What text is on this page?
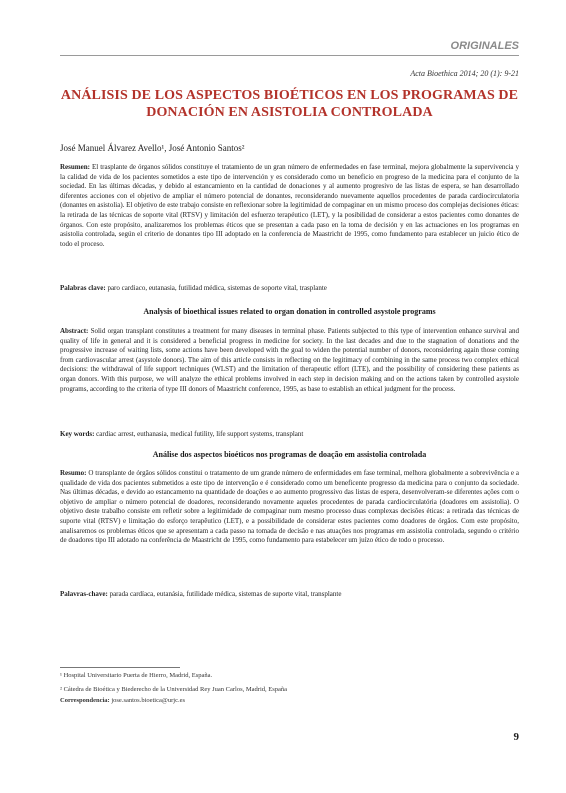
ORIGINALES
Acta Bioethica 2014; 20 (1): 9-21
ANÁLISIS DE LOS ASPECTOS BIOÉTICOS EN LOS PROGRAMAS DE DONACIÓN EN ASISTOLIA CONTROLADA
José Manuel Álvarez Avello¹, José Antonio Santos²
Resumen: El trasplante de órganos sólidos constituye el tratamiento de un gran número de enfermedades en fase terminal, mejora globalmente la supervivencia y la calidad de vida de los pacientes sometidos a este tipo de intervención y es considerado como un beneficio en progreso de la medicina para el conjunto de la sociedad. En las últimas décadas, y debido al estancamiento en la cantidad de donaciones y al aumento progresivo de las listas de espera, se han desarrollado diferentes acciones con el objetivo de ampliar el número potencial de donantes, reconsiderando nuevamente aquellos procedentes de parada cardiocirculatoria (donantes en asistolia). El objetivo de este trabajo consiste en reflexionar sobre la legitimidad de compaginar en un mismo proceso dos complejas decisiones éticas: la retirada de las técnicas de soporte vital (RTSV) y limitación del esfuerzo terapéutico (LET), y la posibilidad de considerar a estos pacientes como donantes de órganos. Con este propósito, analizaremos los problemas éticos que se presentan a cada paso en la toma de decisión y en las actuaciones en los programas en asistolia controlada, según el criterio de donantes tipo III adoptado en la conferencia de Maastricht de 1995, como fundamento para establecer un juicio ético de todo el proceso.
Palabras clave: paro cardiaco, eutanasia, futilidad médica, sistemas de soporte vital, trasplante
Analysis of bioethical issues related to organ donation in controlled asystole programs
Abstract: Solid organ transplant constitutes a treatment for many diseases in terminal phase. Patients subjected to this type of intervention enhance survival and quality of life in general and it is considered a beneficial progress in medicine for society. In the last decades and due to the stagnation of donations and the progressive increase of waiting lists, some actions have been developed with the goal to widen the potential number of donors, reconsidering again those coming from cardiovascular arrest (asystole donors). The aim of this article consists in reflecting on the legitimacy of combining in the same process two complex ethical decisions: the withdrawal of life support techniques (WLST) and the limitation of therapeutic effort (LTE), and the possibility of considering these patients as organ donors. With this purpose, we will analyze the ethical problems involved in each step in decision making and on the actions taken by controlled asystole programs, according to the criteria of type III donors of Maastricht conference, 1995, as base to establish an ethical judgment for the process.
Key words: cardiac arrest, euthanasia, medical futility, life support systems, transplant
Análise dos aspectos bioéticos nos programas de doação em assistolia controlada
Resumo: O transplante de órgãos sólidos constitui o tratamento de um grande número de enfermidades em fase terminal, melhora globalmente a sobrevivência e a qualidade de vida dos pacientes submetidos a este tipo de intervenção e é considerado como um beneficente progresso da medicina para o conjunto da sociedade. Nas últimas décadas, e devido ao estancamento na quantidade de doações e ao aumento progressivo das listas de espera, desenvolveram-se diferentes ações com o objetivo de ampliar o número potencial de doadores, reconsiderando novamente aqueles procedentes de parada cardiocirculatória (doadores em assistolia). O objetivo deste trabalho consiste em refletir sobre a legitimidade de compaginar num mesmo processo duas complexas decisões éticas: a retirada das técnicas de suporte vital (RTSV) e limitação do esforço terapêutico (LET), e a possibilidade de considerar estes pacientes como doadores de órgãos. Com este propósito, analisaremos os problemas éticos que se apresentam a cada passo na tomada de decisão e nas atuações nos programas em assistolia controlada, segundo o critério de doadores tipo III adotado na conferência de Maastricht de 1995, como fundamento para estabelecer um juízo ético de todo o processo.
Palavras-chave: parada cardíaca, eutanásia, futilidade médica, sistemas de suporte vital, transplante
¹ Hospital Universitario Puerta de Hierro, Madrid, España.
² Cátedra de Bioética y Biederecho de la Universidad Rey Juan Carlos, Madrid, España
Correspondencia: jose.santos.bioetica@urjc.es
9
